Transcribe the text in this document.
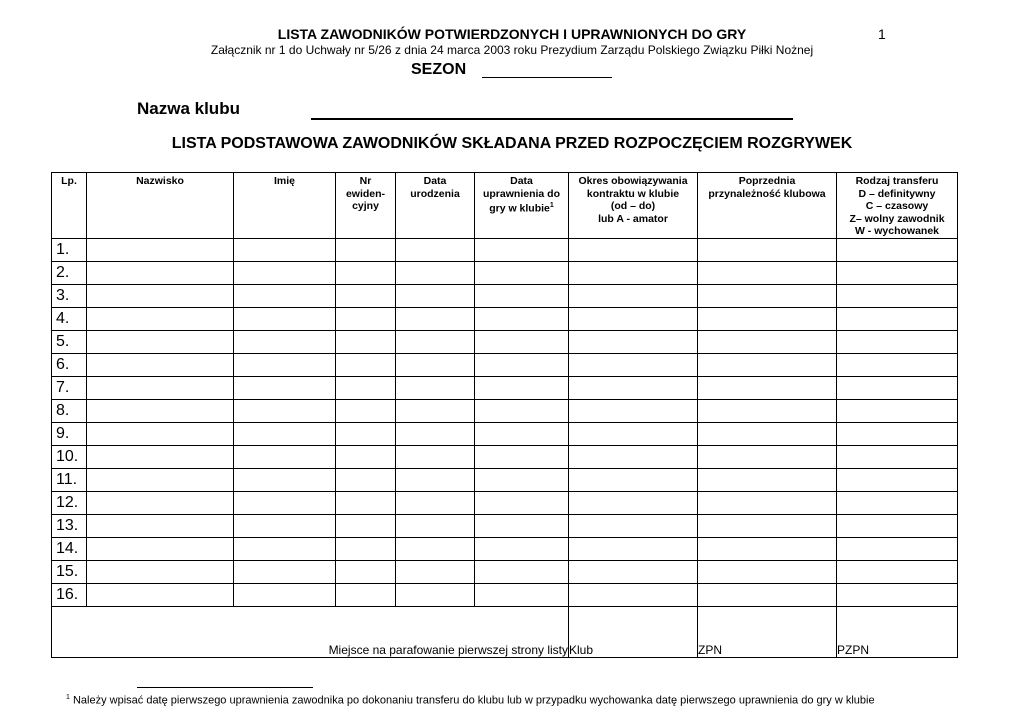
LISTA ZAWODNIKÓW POTWIERDZONYCH I UPRAWNIONYCH DO GRY	1
Załącznik nr 1 do Uchwały nr 5/26 z dnia 24 marca 2003 roku Prezydium Zarządu Polskiego Związku Piłki Nożnej
SEZON
Nazwa klubu
LISTA PODSTAWOWA ZAWODNIKÓW SKŁADANA PRZED ROZPOCZĘCIEM ROZGRYWEK
Lp.	Nazwisko	Imię	Nr
ewiden-
cyjny	Data
urodzenia	Data
uprawnienia do
gry w klubie$^1$	Okres obowiązywania
kontraktu w klubie
(od – do)
lub A - amator	Poprzednia
przynależność klubowa	Rodzaj transferu
D – definitywny
C – czasowy
Z– wolny zawodnik
W - wychowanek
1.								
2.								
3.								
4.								
5.								
6.								
7.								
8.								
9.								
10.								
11.								
12.								
13.								
14.								
15.								
16.								
Miejsce na parafowanie pierwszej strony listy						Klub	ZPN	PZPN
$^1$ Należy wpisać datę pierwszego uprawnienia zawodnika po dokonaniu transferu do klubu lub w przypadku wychowanka datę pierwszego uprawnienia do gry w klubie
